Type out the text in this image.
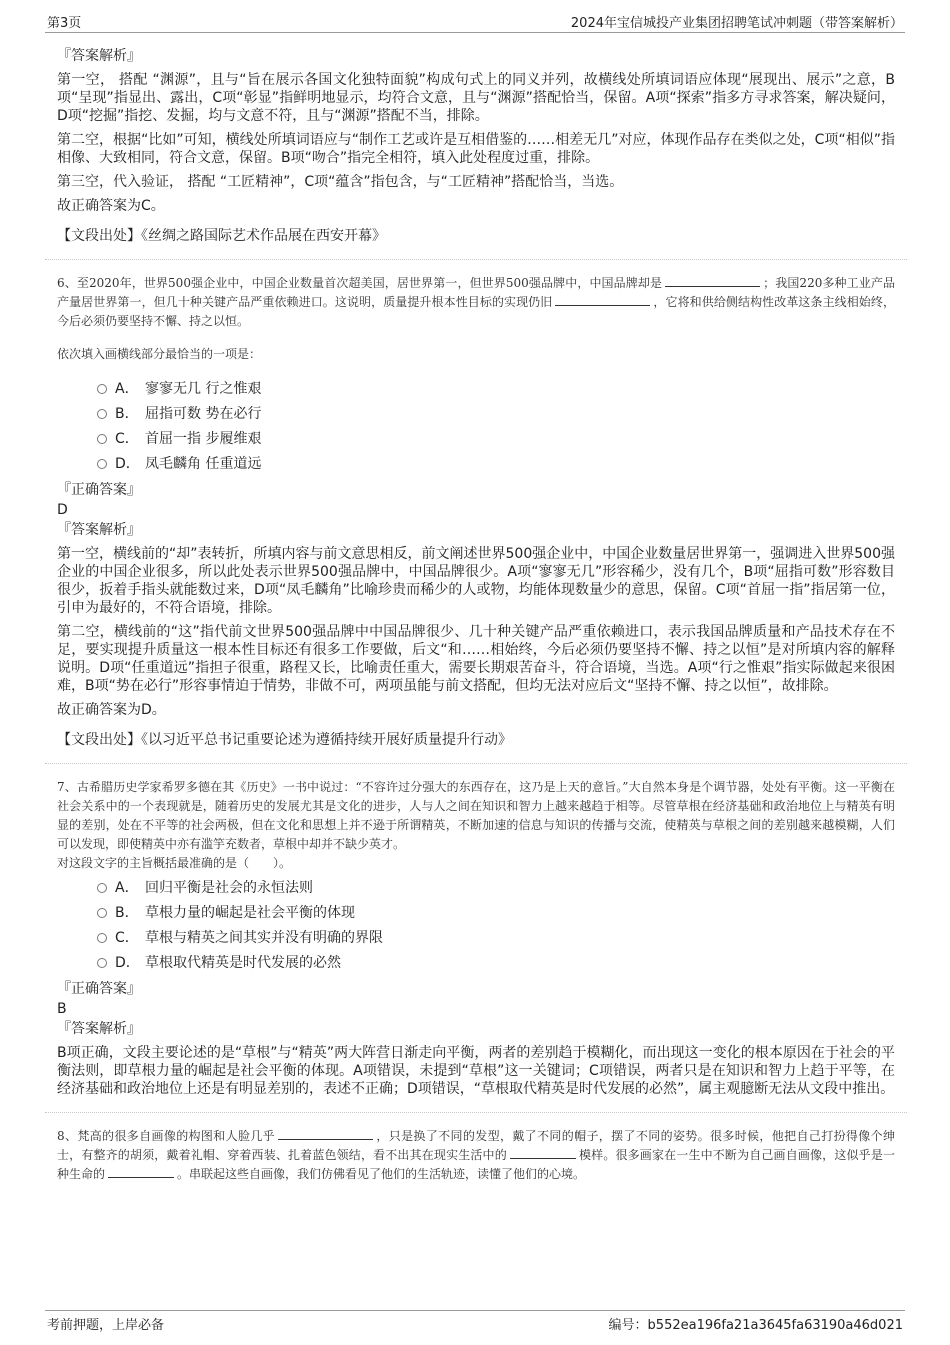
第3页	2024年宝信城投产业集团招聘笔试冲刺题（带答案解析）
『答案解析』

第一空， 搭配 “渊源”，且与“旨在展示各国文化独特面貌”构成句式上的同义并列，故横线处所填词语应体现“展现出、展示”之意，B项“呈现”指显出、露出，C项“彰显”指鲜明地显示，均符合文意，且与“渊源”搭配恰当，保留。A项“探索”指多方寻求答案，解决疑问，D项“挖掘”指挖、发掘，均与文意不符，且与“渊源”搭配不当，排除。

第二空，根据“比如”可知，横线处所填词语应与“制作工艺或许是互相借鉴的……相差无几”对应，体现作品存在类似之处，C项“相似”指相像、大致相同，符合文意，保留。B项“吻合”指完全相符，填入此处程度过重，排除。

第三空，代入验证， 搭配 “工匠精神”，C项“蕴含”指包含，与“工匠精神”搭配恰当，当选。

故正确答案为C。

【文段出处】《丝绸之路国际艺术作品展在西安开幕》

6、至2020年，世界500强企业中，中国企业数量首次超美国，居世界第一，但世界500强品牌中，中国品牌却是	；我国220多种工业产品产量居世界第一，但几十种关键产品严重依赖进口。这说明，质量提升根本性目标的实现仍旧	，它将和供给侧结构性改革这条主线相始终，今后必须仍要坚持不懈、持之以恒。

依次填入画横线部分最恰当的一项是：

A． 寥寥无几 行之惟艰
B． 屈指可数 势在必行
C． 首屈一指 步履维艰
D． 凤毛麟角 任重道远
『正确答案』
D
『答案解析』

第一空，横线前的“却”表转折，所填内容与前文意思相反，前文阐述世界500强企业中，中国企业数量居世界第一，强调进入世界500强企业的中国企业很多，所以此处表示世界500强品牌中，中国品牌很少。A项“寥寥无几”形容稀少，没有几个，B项“屈指可数”形容数目很少，扳着手指头就能数过来，D项“凤毛麟角”比喻珍贵而稀少的人或物，均能体现数量少的意思，保留。C项“首屈一指”指居第一位，引申为最好的，不符合语境，排除。

第二空，横线前的“这”指代前文世界500强品牌中中国品牌很少、几十种关键产品严重依赖进口，表示我国品牌质量和产品技术存在不足，要实现提升质量这一根本性目标还有很多工作要做，后文“和……相始终，今后必须仍要坚持不懈、持之以恒”是对所填内容的解释说明。D项“任重道远”指担子很重，路程又长，比喻责任重大，需要长期艰苦奋斗，符合语境，当选。A项“行之惟艰”指实际做起来很困难，B项“势在必行”形容事情迫于情势，非做不可，两项虽能与前文搭配，但均无法对应后文“坚持不懈、持之以恒”，故排除。

故正确答案为D。

【文段出处】《以习近平总书记重要论述为遵循持续开展好质量提升行动》

7、古希腊历史学家希罗多德在其《历史》一书中说过：“不容许过分强大的东西存在，这乃是上天的意旨。”大自然本身是个调节器，处处有平衡。这一平衡在社会关系中的一个表现就是，随着历史的发展尤其是文化的进步，人与人之间在知识和智力上越来越趋于相等。尽管草根在经济基础和政治地位上与精英有明显的差别，处在不平等的社会两极，但在文化和思想上并不逊于所谓精英，不断加速的信息与知识的传播与交流，使精英与草根之间的差别越来越模糊，人们可以发现，即使精英中亦有滥竽充数者，草根中却并不缺少英才。

对这段文字的主旨概括最准确的是（　　）。

A． 回归平衡是社会的永恒法则
B． 草根力量的崛起是社会平衡的体现
C． 草根与精英之间其实并没有明确的界限
D． 草根取代精英是时代发展的必然
『正确答案』
B
『答案解析』

B项正确，文段主要论述的是“草根”与“精英”两大阵营日渐走向平衡，两者的差别趋于模糊化，而出现这一变化的根本原因在于社会的平衡法则，即草根力量的崛起是社会平衡的体现。A项错误，未提到“草根”这一关键词；C项错误，两者只是在知识和智力上趋于平等，在经济基础和政治地位上还是有明显差别的，表述不正确；D项错误，“草根取代精英是时代发展的必然”，属主观臆断无法从文段中推出。

8、梵高的很多自画像的构图和人脸几乎	，只是换了不同的发型，戴了不同的帽子，摆了不同的姿势。很多时候，他把自己打扮得像个绅士，有整齐的胡须，戴着礼帽、穿着西装、扎着蓝色领结，看不出其在现实生活中的	模样。很多画家在一生中不断为自己画自画像，这似乎是一种生命的	。串联起这些自画像，我们仿佛看见了他们的生活轨迹，读懂了他们的心境。

考前押题，上岸必备	编号：b552ea196fa21a3645fa63190a46d021
